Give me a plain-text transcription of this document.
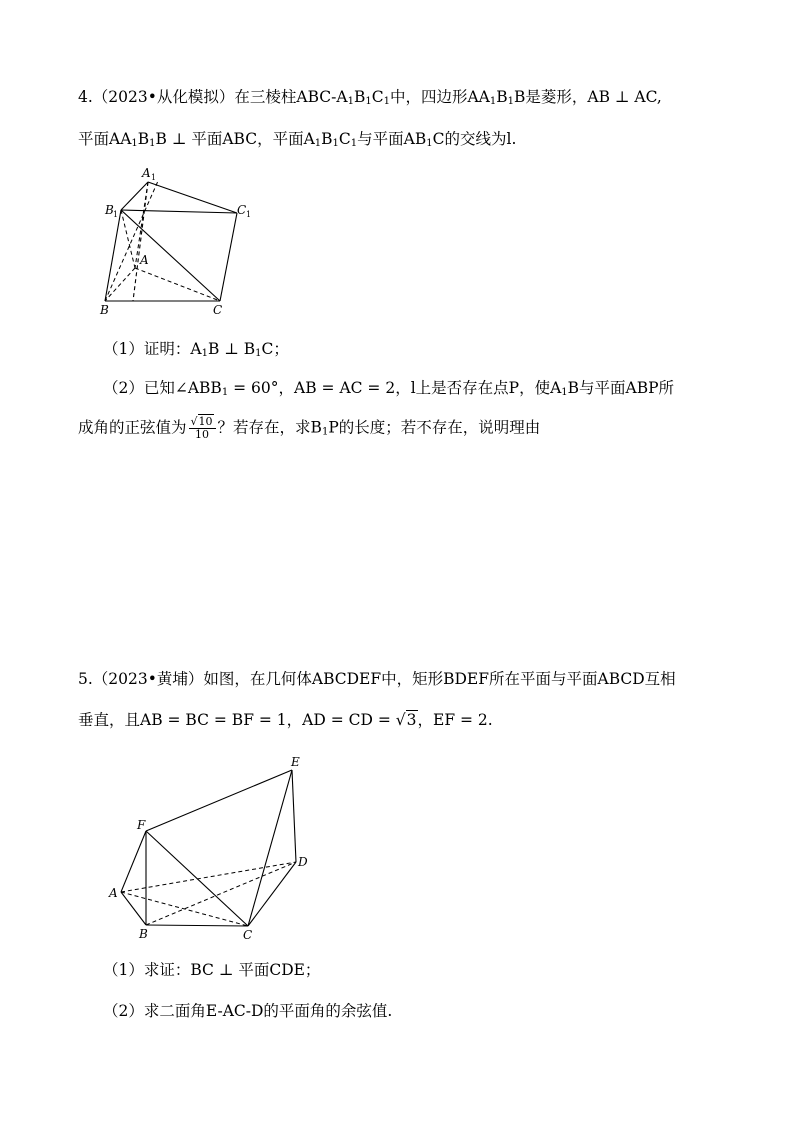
4.（2023•从化模拟）在三棱柱ABC-A1B1C1中，四边形AA1B1B是菱形，AB ⊥ AC,
平面AA1B1B ⊥ 平面ABC，平面A1B1C1与平面AB1C的交线为l.
A 1
B 1	C 1
A
B	C
（1）证明：A1B ⊥ B1C；
（2）已知∠ABB1 = 60°，AB = AC = 2，l上是否存在点P，使A1B与平面ABP所
成角的正弦值为 $\frac{√10}{10}$ ？若存在，求B1P的长度；若不存在，说明理由
5.（2023•黄埔）如图，在几何体ABCDEF中，矩形BDEF所在平面与平面ABCD互相
垂直，且AB = BC = BF = 1，AD = CD = √3，EF = 2.
E
F
A
B	C
D
（1）求证：BC ⊥ 平面CDE；
（2）求二面角E-AC-D的平面角的余弦值.
